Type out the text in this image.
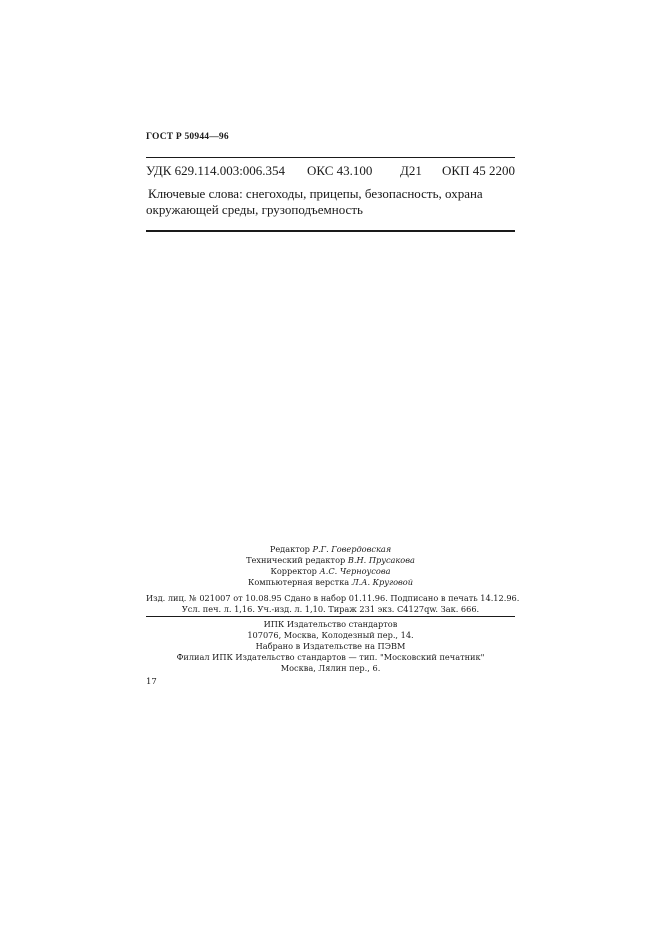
ГОСТ Р 50944—96
УДК 629.114.003:006.354 ОКС 43.100 Д21 ОКП 45 2200
Ключевые слова: снегоходы, прицепы, безопасность, охрана окружающей среды, грузоподъемность
Редактор Р.Г. Говердовская
Технический редактор В.Н. Прусакова
Корректор А.С. Черноусова
Компьютерная верстка Л.А. Круговой
Изд. лиц. № 021007 от 10.08.95 Сдано в набор 01.11.96. Подписано в печать 14.12.96.
Усл. печ. л. 1,16. Уч.-изд. л. 1,10. Тираж 231 экз. С4127qw. Зак. 666.
ИПК Издательство стандартов
107076, Москва, Колодезный пер., 14.
Набрано в Издательстве на ПЭВМ
Филиал ИПК Издательство стандартов — тип. "Московский печатник"
Москва, Лялин пер., 6.
17
